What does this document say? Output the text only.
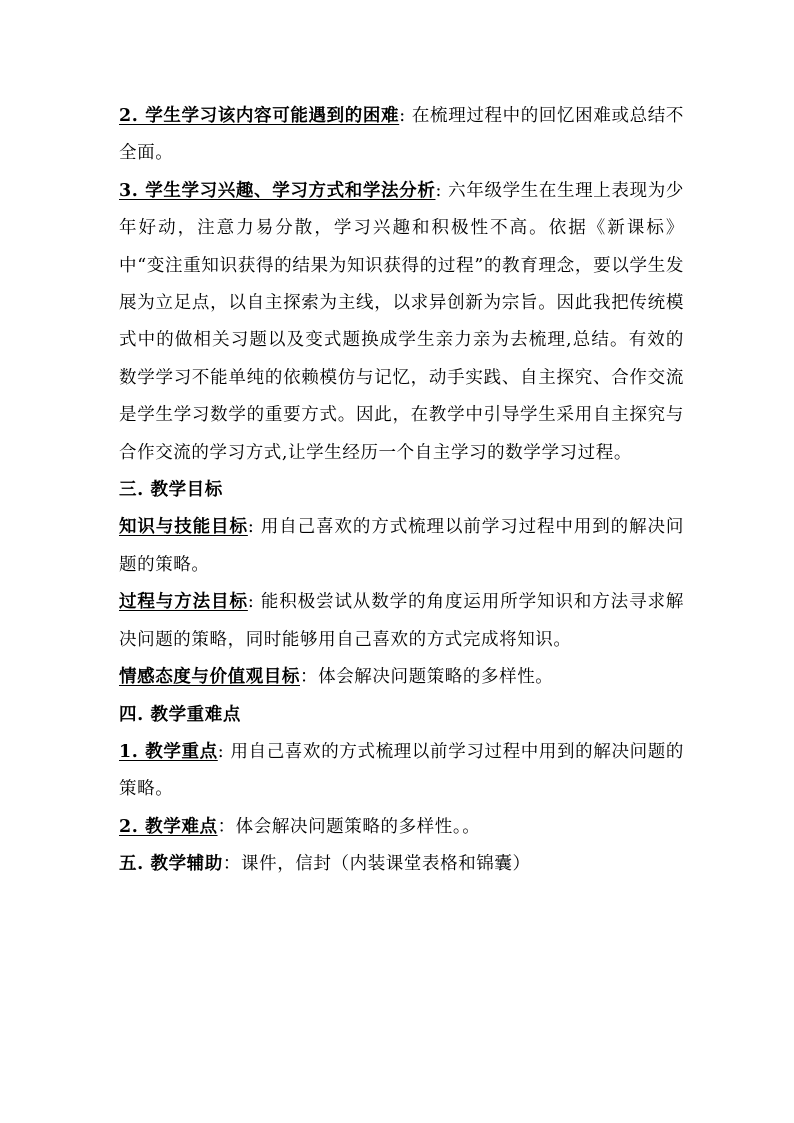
2. 学生学习该内容可能遇到的困难: 在梳理过程中的回忆困难或总结不全面。

3. 学生学习兴趣、学习方式和学法分析: 六年级学生在生理上表现为少年好动，注意力易分散，学习兴趣和积极性不高。依据《新课标》中“变注重知识获得的结果为知识获得的过程”的教育理念，要以学生发展为立足点，以自主探索为主线，以求异创新为宗旨。因此我把传统模式中的做相关习题以及变式题换成学生亲力亲为去梳理,总结。有效的数学学习不能单纯的依赖模仿与记忆，动手实践、自主探究、合作交流是学生学习数学的重要方式。因此，在教学中引导学生采用自主探究与合作交流的学习方式,让学生经历一个自主学习的数学学习过程。

三. 教学目标

知识与技能目标: 用自己喜欢的方式梳理以前学习过程中用到的解决问题的策略。

过程与方法目标: 能积极尝试从数学的角度运用所学知识和方法寻求解决问题的策略，同时能够用自己喜欢的方式完成将知识。

情感态度与价值观目标：体会解决问题策略的多样性。

四. 教学重难点

1. 教学重点: 用自己喜欢的方式梳理以前学习过程中用到的解决问题的策略。

2. 教学难点：体会解决问题策略的多样性。。

五. 教学辅助：课件，信封（内装课堂表格和锦囊）
